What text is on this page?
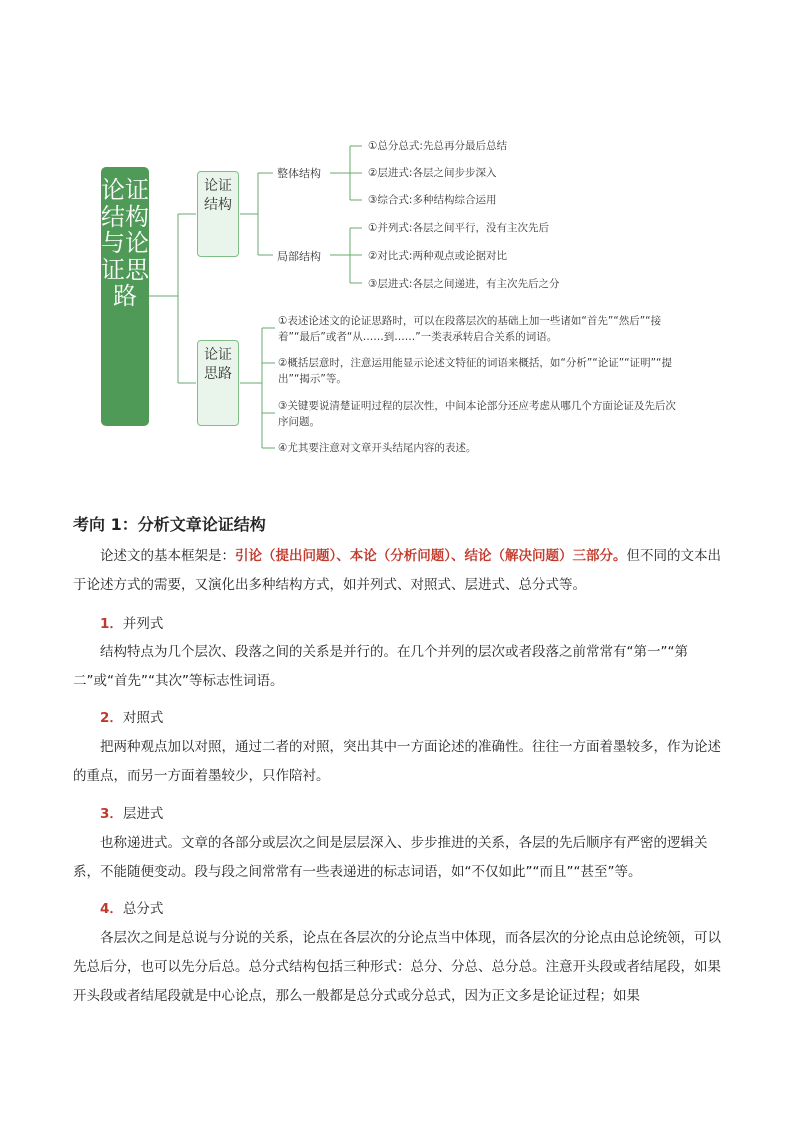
论证结构与论证思路
论证结构
论证思路
整体结构
局部结构
①总分总式:先总再分最后总结
②层进式:各层之间步步深入
③综合式:多种结构综合运用
①并列式:各层之间平行，没有主次先后
②对比式:两种观点或论据对比
③层进式:各层之间递进，有主次先后之分
①表述论述文的论证思路时，可以在段落层次的基础上加一些诸如“首先”“然后”“接着”“最后”或者“从……到……”一类表承转启合关系的词语。
②概括层意时，注意运用能显示论述文特征的词语来概括，如“分析”“论证”“证明”“提出”“揭示”等。
③关键要说清楚证明过程的层次性，中间本论部分还应考虑从哪几个方面论证及先后次序问题。
④尤其要注意对文章开头结尾内容的表述。
考向 1：分析文章论证结构
论述文的基本框架是：引论（提出问题）、本论（分析问题）、结论（解决问题）三部分。但不同的文本出于论述方式的需要，又演化出多种结构方式，如并列式、对照式、层进式、总分式等。
1．并列式
结构特点为几个层次、段落之间的关系是并行的。在几个并列的层次或者段落之前常常有“第一”“第二”或“首先”“其次”等标志性词语。
2．对照式
把两种观点加以对照，通过二者的对照，突出其中一方面论述的准确性。往往一方面着墨较多，作为论述的重点，而另一方面着墨较少，只作陪衬。
3．层进式
也称递进式。文章的各部分或层次之间是层层深入、步步推进的关系，各层的先后顺序有严密的逻辑关系，不能随便变动。段与段之间常常有一些表递进的标志词语，如“不仅如此”“而且”“甚至”等。
4．总分式
各层次之间是总说与分说的关系，论点在各层次的分论点当中体现，而各层次的分论点由总论统领，可以先总后分，也可以先分后总。总分式结构包括三种形式：总分、分总、总分总。注意开头段或者结尾段，如果开头段或者结尾段就是中心论点，那么一般都是总分式或分总式，因为正文多是论证过程；如果
